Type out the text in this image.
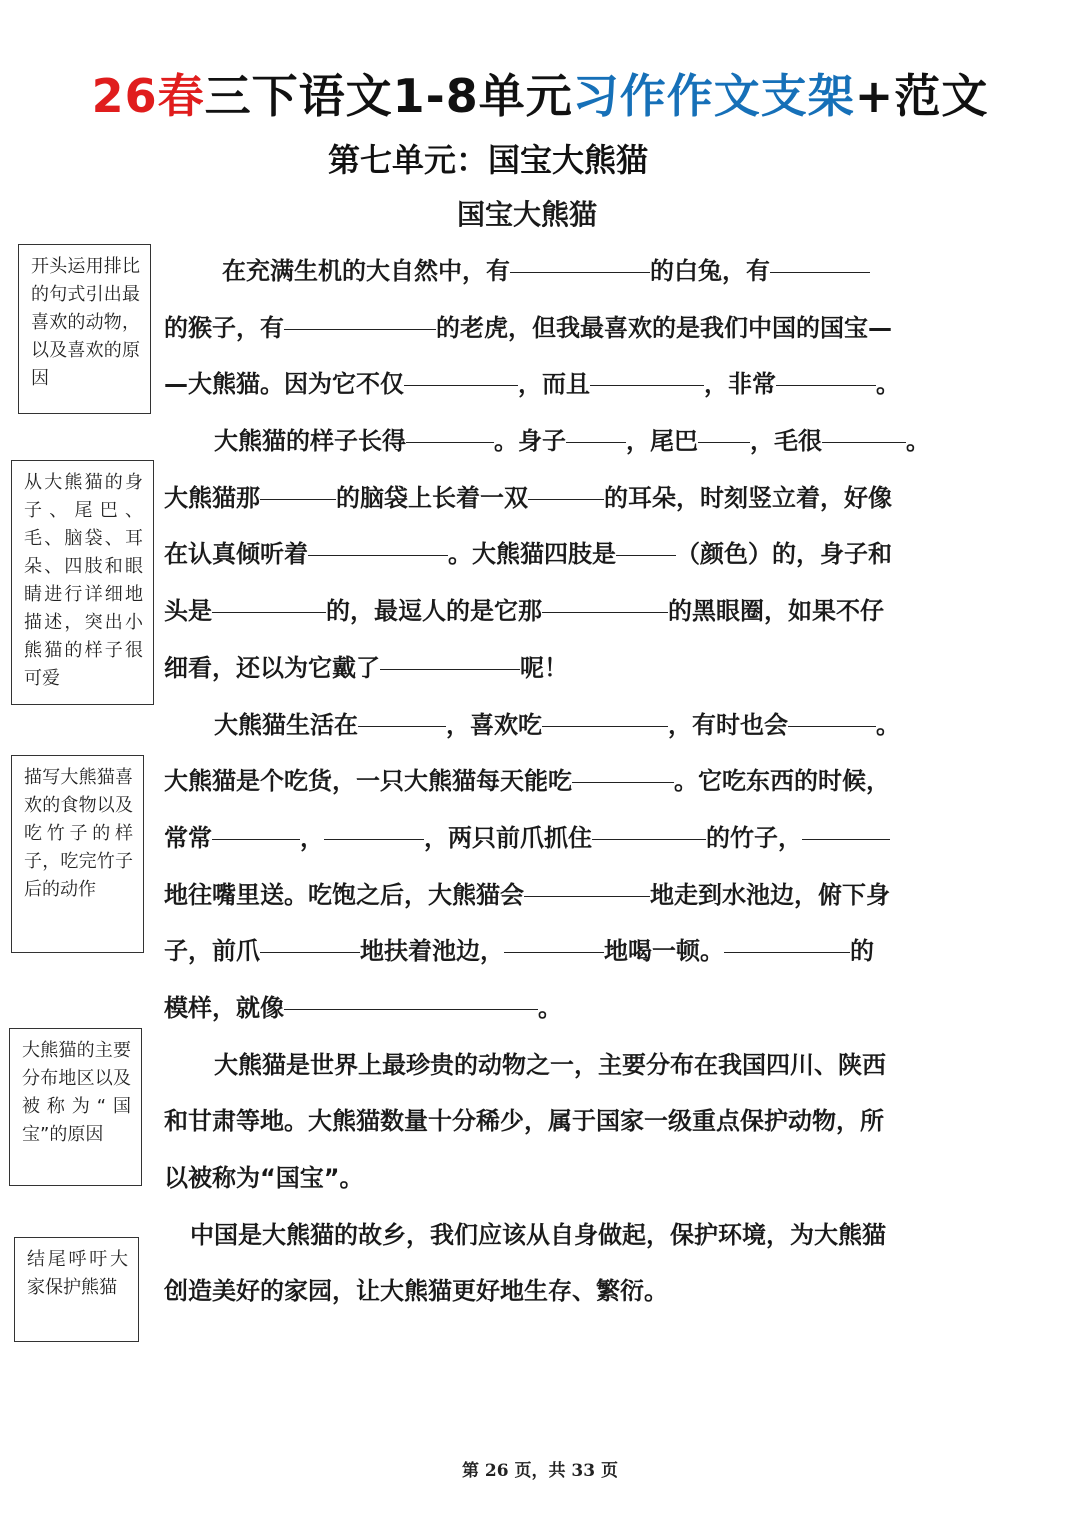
26春三下语文1-8单元习作作文支架+范文
第七单元：国宝大熊猫
国宝大熊猫
开头运用排比的句式引出最喜欢的动物，以及喜欢的原因
从大熊猫的身子、尾巴、毛、脑袋、耳朵、四肢和眼睛进行详细地描述，突出小熊猫的样子很可爱
描写大熊猫喜欢的食物以及吃竹子的样子，吃完竹子后的动作
大熊猫的主要分布地区以及被称为“国宝”的原因
结尾呼吁大家保护熊猫
在充满生机的大自然中，有	的白兔，有
的猴子，有	的老虎，但我最喜欢的是我们中国的国宝—
—大熊猫。因为它不仅	，而且	，非常	。
大熊猫的样子长得	。身子	，尾巴 ，毛很	。
大熊猫那	的脑袋上长着一双	的耳朵，时刻竖立着，好像
在认真倾听着	。大熊猫四肢是	（颜色）的，身子和
头是	的，最逗人的是它那	的黑眼圈，如果不仔
细看，还以为它戴了	呢！
大熊猫生活在	，喜欢吃	，有时也会	。
大熊猫是个吃货，一只大熊猫每天能吃	。它吃东西的时候，
常常	，	，两只前爪抓住	的竹子，
地往嘴里送。吃饱之后，大熊猫会	地走到水池边，俯下身
子，前爪	地扶着池边，	地喝一顿。	的
模样，就像	。
大熊猫是世界上最珍贵的动物之一，主要分布在我国四川、陕西
和甘肃等地。大熊猫数量十分稀少，属于国家一级重点保护动物，所
以被称为“国宝”。
中国是大熊猫的故乡，我们应该从自身做起，保护环境，为大熊猫
创造美好的家园，让大熊猫更好地生存、繁衍。
第 26 页，共 33 页
